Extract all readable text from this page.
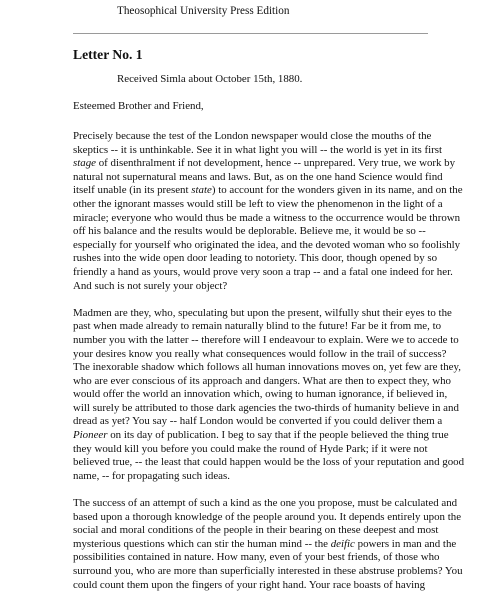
Theosophical University Press Edition
Letter No. 1

Received Simla about October 15th, 1880.

Esteemed Brother and Friend,

Precisely because the test of the London newspaper would close the mouths of the
skeptics -- it is unthinkable. See it in what light you will -- the world is yet in its first
stage of disenthralment if not development, hence -- unprepared. Very true, we work by
natural not supernatural means and laws. But, as on the one hand Science would find
itself unable (in its present state) to account for the wonders given in its name, and on the
other the ignorant masses would still be left to view the phenomenon in the light of a
miracle; everyone who would thus be made a witness to the occurrence would be thrown
off his balance and the results would be deplorable. Believe me, it would be so --
especially for yourself who originated the idea, and the devoted woman who so foolishly
rushes into the wide open door leading to notoriety. This door, though opened by so
friendly a hand as yours, would prove very soon a trap -- and a fatal one indeed for her.
And such is not surely your object?

Madmen are they, who, speculating but upon the present, wilfully shut their eyes to the
past when made already to remain naturally blind to the future! Far be it from me, to
number you with the latter -- therefore will I endeavour to explain. Were we to accede to
your desires know you really what consequences would follow in the trail of success?
The inexorable shadow which follows all human innovations moves on, yet few are they,
who are ever conscious of its approach and dangers. What are then to expect they, who
would offer the world an innovation which, owing to human ignorance, if believed in,
will surely be attributed to those dark agencies the two-thirds of humanity believe in and
dread as yet? You say -- half London would be converted if you could deliver them a
Pioneer on its day of publication. I beg to say that if the people believed the thing true
they would kill you before you could make the round of Hyde Park; if it were not
believed true, -- the least that could happen would be the loss of your reputation and good
name, -- for propagating such ideas.

The success of an attempt of such a kind as the one you propose, must be calculated and
based upon a thorough knowledge of the people around you. It depends entirely upon the
social and moral conditions of the people in their bearing on these deepest and most
mysterious questions which can stir the human mind -- the deific powers in man and the
possibilities contained in nature. How many, even of your best friends, of those who
surround you, who are more than superficially interested in these abstruse problems? You
could count them upon the fingers of your right hand. Your race boasts of having
